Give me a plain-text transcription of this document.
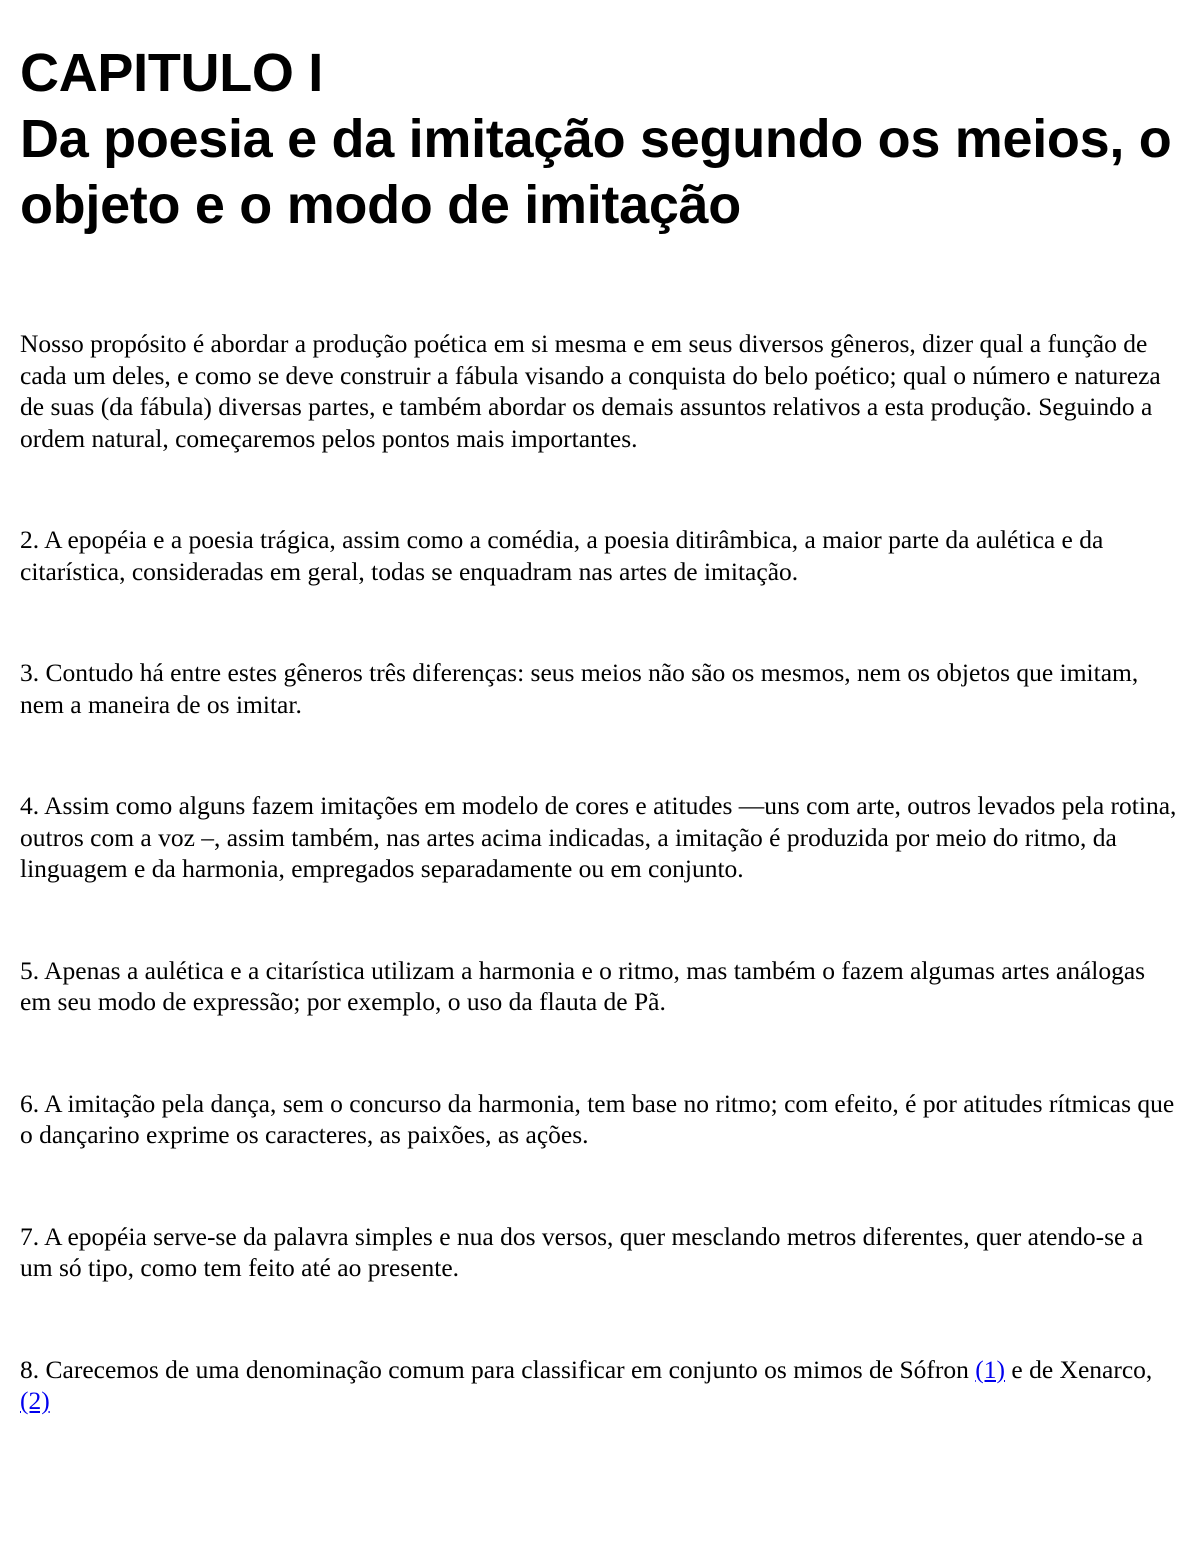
CAPITULO I
Da poesia e da imitação segundo os meios, o objeto e o modo de imitação

Nosso propósito é abordar a produção poética em si mesma e em seus diversos gêneros, dizer qual a função de cada um deles, e como se deve construir a fábula visando a conquista do belo poético; qual o número e natureza de suas (da fábula) diversas partes, e também abordar os demais assuntos relativos a esta produção. Seguindo a ordem natural, começaremos pelos pontos mais importantes.

2. A epopéia e a poesia trágica, assim como a comédia, a poesia ditirâmbica, a maior parte da aulética e da citarística, consideradas em geral, todas se enquadram nas artes de imitação.

3. Contudo há entre estes gêneros três diferenças: seus meios não são os mesmos, nem os objetos que imitam, nem a maneira de os imitar.

4. Assim como alguns fazem imitações em modelo de cores e atitudes —uns com arte, outros levados pela rotina, outros com a voz –, assim também, nas artes acima indicadas, a imitação é produzida por meio do ritmo, da linguagem e da harmonia, empregados separadamente ou em conjunto.

5. Apenas a aulética e a citarística utilizam a harmonia e o ritmo, mas também o fazem algumas artes análogas em seu modo de expressão; por exemplo, o uso da flauta de Pã.

6. A imitação pela dança, sem o concurso da harmonia, tem base no ritmo; com efeito, é por atitudes rítmicas que o dançarino exprime os caracteres, as paixões, as ações.

7. A epopéia serve-se da palavra simples e nua dos versos, quer mesclando metros diferentes, quer atendo-se a um só tipo, como tem feito até ao presente.

8. Carecemos de uma denominação comum para classificar em conjunto os mimos de Sófron (1) e de Xenarco, (2)
